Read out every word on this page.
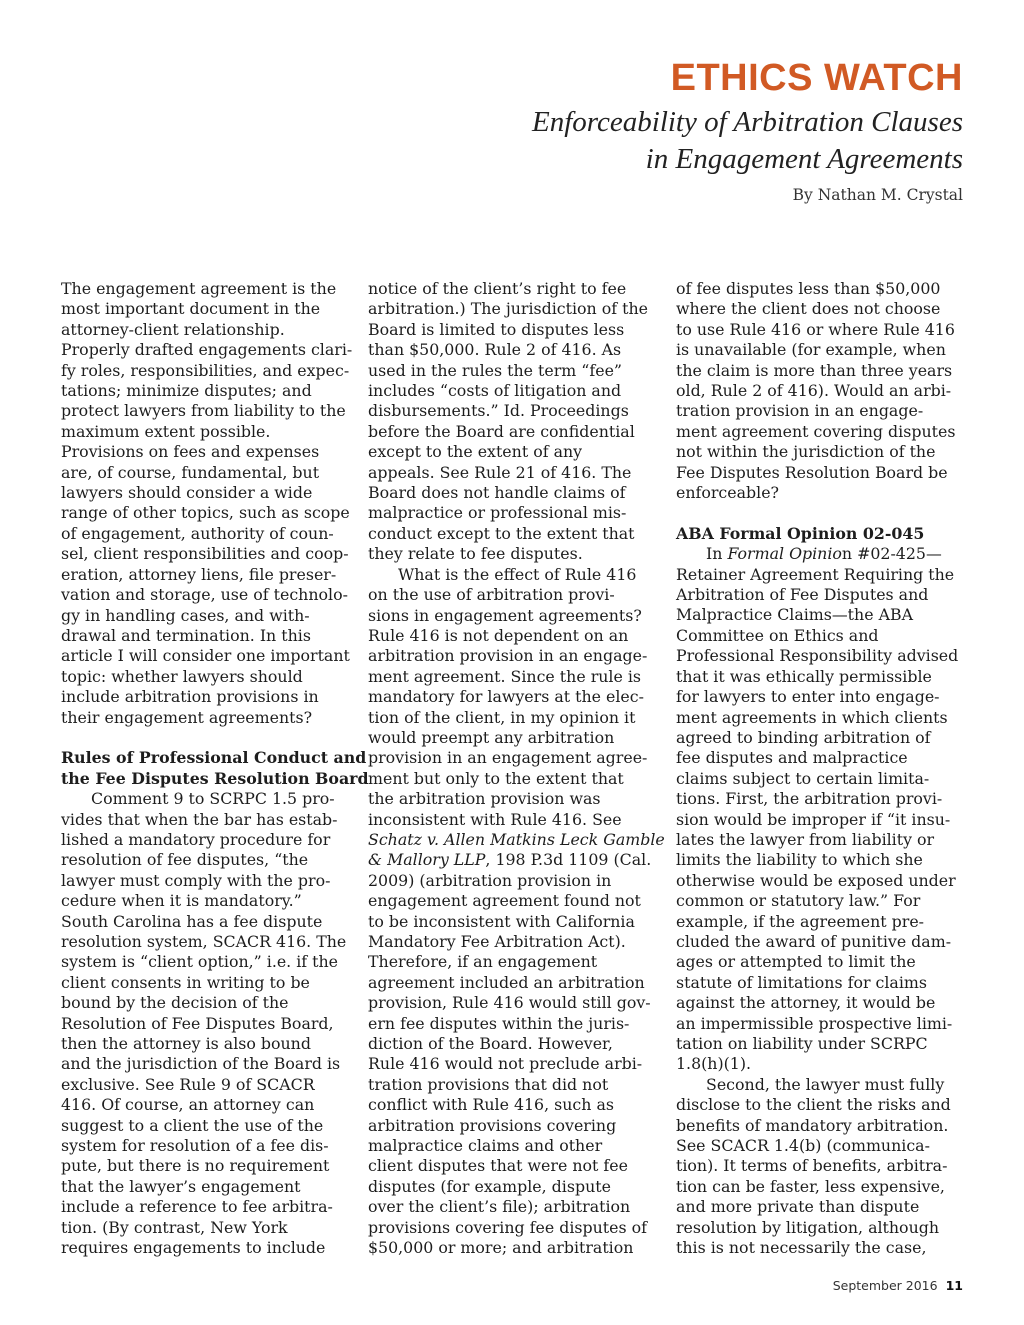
ETHICS WATCH
Enforceability of Arbitration Clauses
in Engagement Agreements
By Nathan M. Crystal
The engagement agreement is the
most important document in the
attorney-client relationship.
Properly drafted engagements clari-
fy roles, responsibilities, and expec-
tations; minimize disputes; and
protect lawyers from liability to the
maximum extent possible.
Provisions on fees and expenses
are, of course, fundamental, but
lawyers should consider a wide
range of other topics, such as scope
of engagement, authority of coun-
sel, client responsibilities and coop-
eration, attorney liens, file preser-
vation and storage, use of technolo-
gy in handling cases, and with-
drawal and termination. In this
article I will consider one important
topic: whether lawyers should
include arbitration provisions in
their engagement agreements?
Rules of Professional Conduct and
the Fee Disputes Resolution Board
Comment 9 to SCRPC 1.5 pro-
vides that when the bar has estab-
lished a mandatory procedure for
resolution of fee disputes, “the
lawyer must comply with the pro-
cedure when it is mandatory.”
South Carolina has a fee dispute
resolution system, SCACR 416. The
system is “client option,” i.e. if the
client consents in writing to be
bound by the decision of the
Resolution of Fee Disputes Board,
then the attorney is also bound
and the jurisdiction of the Board is
exclusive. See Rule 9 of SCACR
416. Of course, an attorney can
suggest to a client the use of the
system for resolution of a fee dis-
pute, but there is no requirement
that the lawyer’s engagement
include a reference to fee arbitra-
tion. (By contrast, New York
requires engagements to include
notice of the client’s right to fee
arbitration.) The jurisdiction of the
Board is limited to disputes less
than $50,000. Rule 2 of 416. As
used in the rules the term “fee”
includes “costs of litigation and
disbursements.” Id. Proceedings
before the Board are confidential
except to the extent of any
appeals. See Rule 21 of 416. The
Board does not handle claims of
malpractice or professional mis-
conduct except to the extent that
they relate to fee disputes.
What is the effect of Rule 416
on the use of arbitration provi-
sions in engagement agreements?
Rule 416 is not dependent on an
arbitration provision in an engage-
ment agreement. Since the rule is
mandatory for lawyers at the elec-
tion of the client, in my opinion it
would preempt any arbitration
provision in an engagement agree-
ment but only to the extent that
the arbitration provision was
inconsistent with Rule 416. See
Schatz v. Allen Matkins Leck Gamble
& Mallory LLP, 198 P.3d 1109 (Cal.
2009) (arbitration provision in
engagement agreement found not
to be inconsistent with California
Mandatory Fee Arbitration Act).
Therefore, if an engagement
agreement included an arbitration
provision, Rule 416 would still gov-
ern fee disputes within the juris-
diction of the Board. However,
Rule 416 would not preclude arbi-
tration provisions that did not
conflict with Rule 416, such as
arbitration provisions covering
malpractice claims and other
client disputes that were not fee
disputes (for example, dispute
over the client’s file); arbitration
provisions covering fee disputes of
$50,000 or more; and arbitration
of fee disputes less than $50,000
where the client does not choose
to use Rule 416 or where Rule 416
is unavailable (for example, when
the claim is more than three years
old, Rule 2 of 416). Would an arbi-
tration provision in an engage-
ment agreement covering disputes
not within the jurisdiction of the
Fee Disputes Resolution Board be
enforceable?
ABA Formal Opinion 02-045
In Formal Opinion #02-425—
Retainer Agreement Requiring the
Arbitration of Fee Disputes and
Malpractice Claims—the ABA
Committee on Ethics and
Professional Responsibility advised
that it was ethically permissible
for lawyers to enter into engage-
ment agreements in which clients
agreed to binding arbitration of
fee disputes and malpractice
claims subject to certain limita-
tions. First, the arbitration provi-
sion would be improper if “it insu-
lates the lawyer from liability or
limits the liability to which she
otherwise would be exposed under
common or statutory law.” For
example, if the agreement pre-
cluded the award of punitive dam-
ages or attempted to limit the
statute of limitations for claims
against the attorney, it would be
an impermissible prospective limi-
tation on liability under SCRPC
1.8(h)(1).
Second, the lawyer must fully
disclose to the client the risks and
benefits of mandatory arbitration.
See SCACR 1.4(b) (communica-
tion). It terms of benefits, arbitra-
tion can be faster, less expensive,
and more private than dispute
resolution by litigation, although
this is not necessarily the case,
September 2016 11
